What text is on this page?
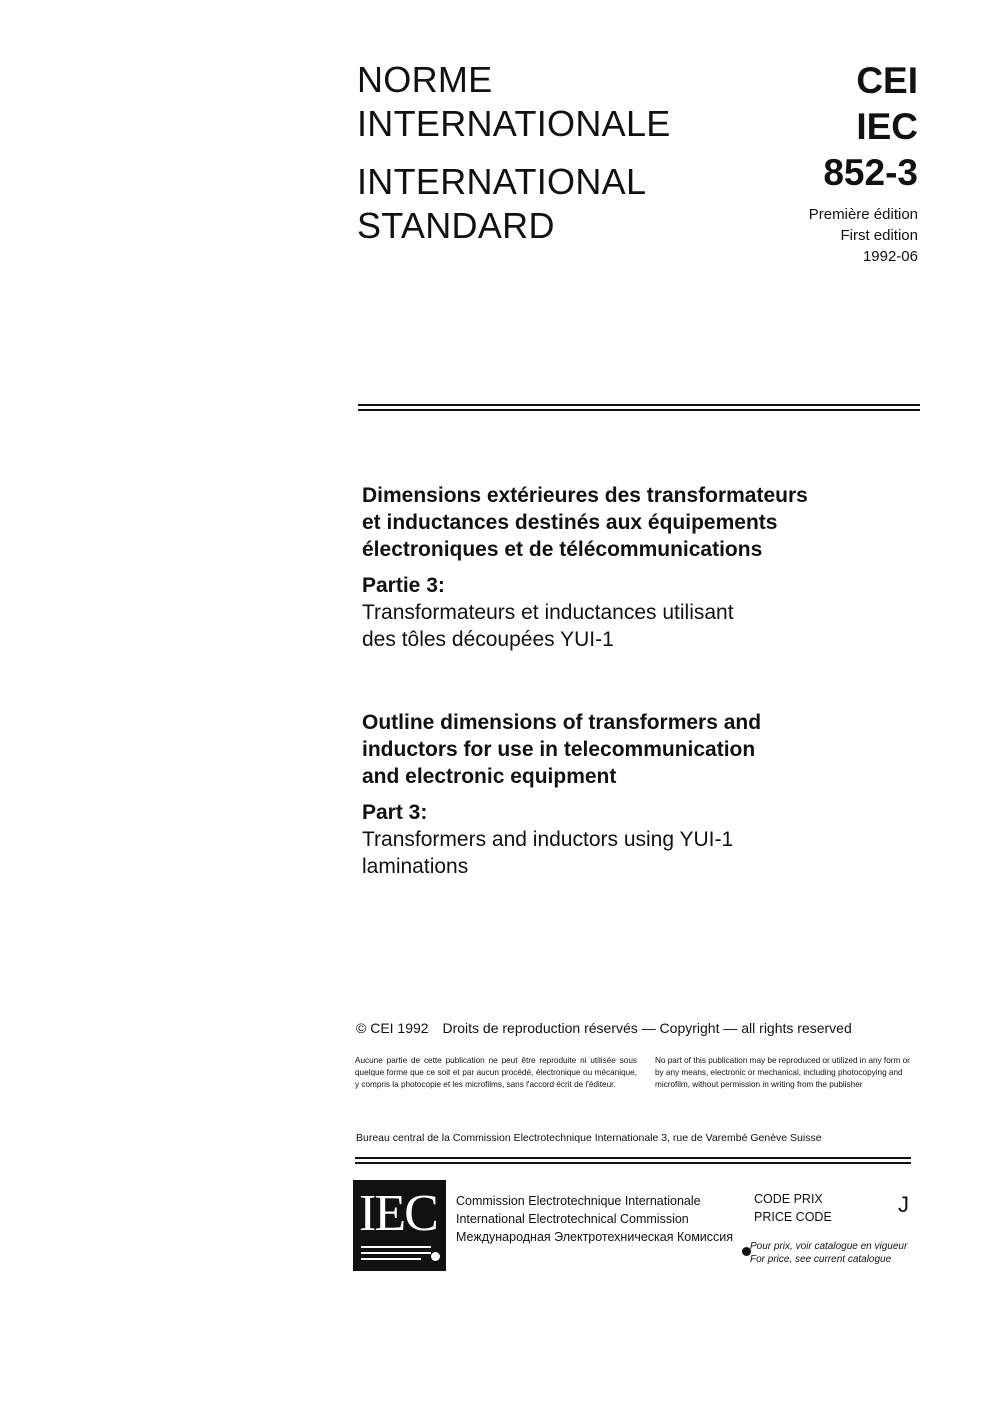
NORME
INTERNATIONALE
INTERNATIONAL
STANDARD
CEI
IEC
852-3
Première édition
First edition
1992-06
Dimensions extérieures des transformateurs
et inductances destinés aux équipements
électroniques et de télécommunications
Partie 3:
Transformateurs et inductances utilisant
des tôles découpées YUI-1
Outline dimensions of transformers and
inductors for use in telecommunication
and electronic equipment
Part 3:
Transformers and inductors using YUI-1
laminations
© CEI 1992 Droits de reproduction réservés — Copyright — all rights reserved
Aucune partie de cette publication ne peut être reproduite ni utilisée sous quelque forme que ce soit et par aucun procédé, électronique ou mécanique, y compris la photocopie et les microfilms, sans l'accord écrit de l'éditeur.
No part of this publication may be reproduced or utilized in any form or by any means, electronic or mechanical, including photocopying and microfilm, without permission in writing from the publisher
Bureau central de la Commission Electrotechnique Internationale 3, rue de Varembé Genève Suisse
IEC Commission Electrotechnique Internationale
International Electrotechnical Commission
Международная Электротехническая Комиссия
CODE PRIX
PRICE CODE	J
Pour prix, voir catalogue en vigueur
For price, see current catalogue
